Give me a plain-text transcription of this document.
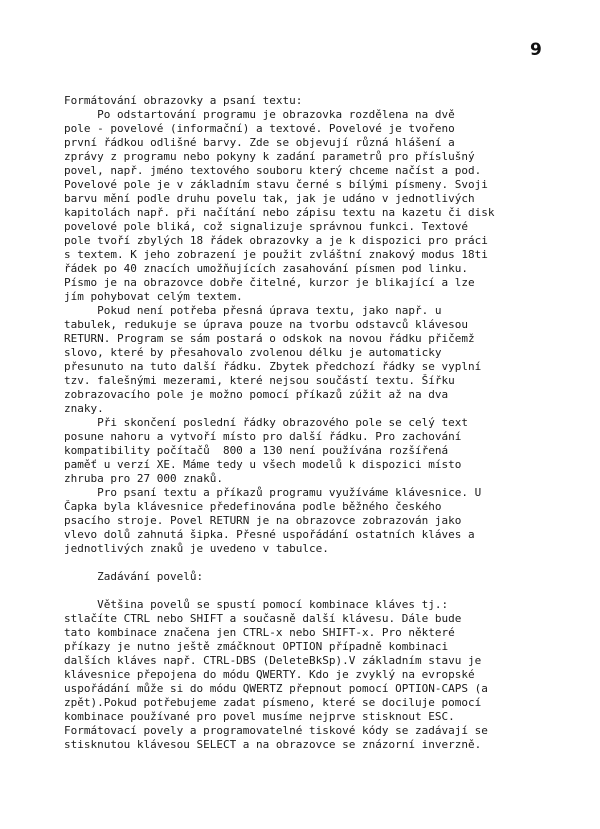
9
Formátování obrazovky a psaní textu:
Po odstartování programu je obrazovka rozdělena na dvě
pole - povelové (informační) a textové. Povelové je tvořeno
první řádkou odlišné barvy. Zde se objevují různá hlášení a
zprávy z programu nebo pokyny k zadání parametrů pro příslušný
povel, např. jméno textového souboru který chceme načíst a pod.
Povelové pole je v základním stavu černé s bílými písmeny. Svoji
barvu mění podle druhu povelu tak, jak je udáno v jednotlivých
kapitolách např. při načítání nebo zápisu textu na kazetu či disk
povelové pole bliká, což signalizuje správnou funkci. Textové
pole tvoří zbylých 18 řádek obrazovky a je k dispozici pro práci
s textem. K jeho zobrazení je použit zvláštní znakový modus 18ti
řádek po 40 znacích umožňujících zasahování písmen pod linku.
Písmo je na obrazovce dobře čitelné, kurzor je blikající a lze
jím pohybovat celým textem.
Pokud není potřeba přesná úprava textu, jako např. u
tabulek, redukuje se úprava pouze na tvorbu odstavců klávesou
RETURN. Program se sám postará o odskok na novou řádku přičemž
slovo, které by přesahovalo zvolenou délku je automaticky
přesunuto na tuto další řádku. Zbytek předchozí řádky se vyplní
tzv. falešnými mezerami, které nejsou součástí textu. Šířku
zobrazovacího pole je možno pomocí příkazů zúžit až na dva
znaky.
Při skončení poslední řádky obrazového pole se celý text
posune nahoru a vytvoří místo pro další řádku. Pro zachování
kompatibility počítačů  800 a 130 není používána rozšířená
paměť u verzí XE. Máme tedy u všech modelů k dispozici místo
zhruba pro 27 000 znaků.
Pro psaní textu a příkazů programu využíváme klávesnice. U
Čapka byla klávesnice předefinována podle běžného českého
psacího stroje. Povel RETURN je na obrazovce zobrazován jako
vlevo dolů zahnutá šipka. Přesné uspořádání ostatních kláves a
jednotlivých znaků je uvedeno v tabulce.
Zadávání povelů:
Většina povelů se spustí pomocí kombinace kláves tj.:
stlačíte CTRL nebo SHIFT a současně další klávesu. Dále bude
tato kombinace značena jen CTRL-x nebo SHIFT-x. Pro některé
příkazy je nutno ještě zmáčknout OPTION případně kombinaci
dalších kláves např. CTRL-DBS (DeleteBkSp).V základním stavu je
klávesnice přepojena do módu QWERTY. Kdo je zvyklý na evropské
uspořádání může si do módu QWERTZ přepnout pomocí OPTION-CAPS (a
zpět).Pokud potřebujeme zadat písmeno, které se dociluje pomocí
kombinace používané pro povel musíme nejprve stisknout ESC.
Formátovací povely a programovatelné tiskové kódy se zadávají se
stisknutou klávesou SELECT a na obrazovce se znázorní inverzně.
